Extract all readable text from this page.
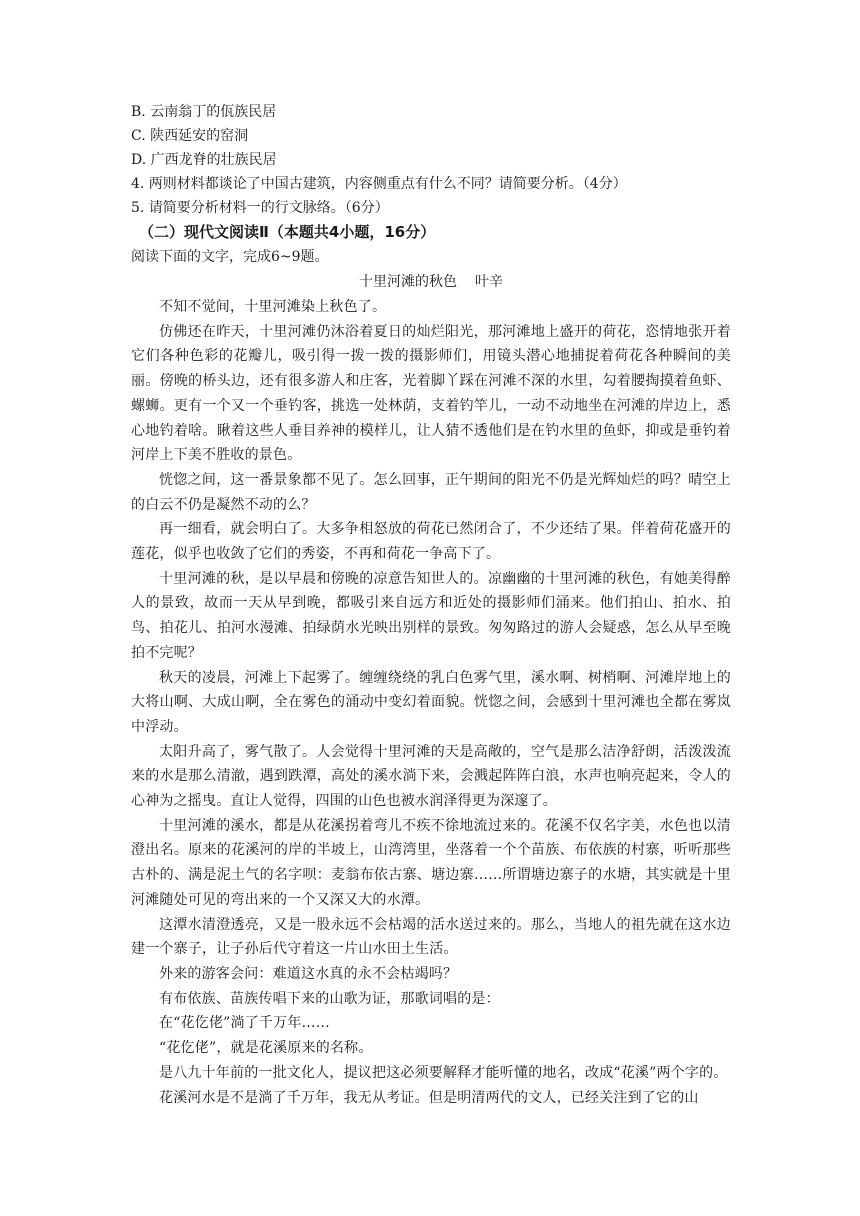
B. 云南翁丁的佤族民居
C. 陕西延安的窑洞
D. 广西龙脊的壮族民居
4. 两则材料都谈论了中国古建筑，内容侧重点有什么不同？请简要分析。（4分）
5. 请简要分析材料一的行文脉络。（6分）
（二）现代文阅读Ⅱ（本题共4小题，16分）
阅读下面的文字，完成6~9题。
十里河滩的秋色 叶辛

不知不觉间，十里河滩染上秋色了。

仿佛还在昨天，十里河滩仍沐浴着夏日的灿烂阳光，那河滩地上盛开的荷花，恣情地张开着它们各种色彩的花瓣儿，吸引得一拨一拨的摄影师们，用镜头潜心地捕捉着荷花各种瞬间的美丽。傍晚的桥头边，还有很多游人和庄客，光着脚丫踩在河滩不深的水里，勾着腰掏摸着鱼虾、螺蛳。更有一个又一个垂钓客，挑选一处林荫，支着钓竿儿，一动不动地坐在河滩的岸边上，悉心地钓着啥。瞅着这些人垂目养神的模样儿，让人猜不透他们是在钓水里的鱼虾，抑或是垂钓着河岸上下美不胜收的景色。

恍惚之间，这一番景象都不见了。怎么回事，正午期间的阳光不仍是光辉灿烂的吗？晴空上的白云不仍是凝然不动的么？

再一细看，就会明白了。大多争相怒放的荷花已然闭合了，不少还结了果。伴着荷花盛开的莲花，似乎也收敛了它们的秀姿，不再和荷花一争高下了。

十里河滩的秋，是以早晨和傍晚的凉意告知世人的。凉幽幽的十里河滩的秋色，有她美得醉人的景致，故而一天从早到晚，都吸引来自远方和近处的摄影师们涌来。他们拍山、拍水、拍鸟、拍花儿、拍河水漫滩、拍绿荫水光映出别样的景致。匆匆路过的游人会疑惑，怎么从早至晚拍不完呢？

秋天的凌晨，河滩上下起雾了。缠缠绕绕的乳白色雾气里，溪水啊、树梢啊、河滩岸地上的大将山啊、大成山啊，全在雾色的涌动中变幻着面貌。恍惚之间，会感到十里河滩也全都在雾岚中浮动。

太阳升高了，雾气散了。人会觉得十里河滩的天是高敞的，空气是那么洁净舒朗，活泼泼流来的水是那么清澈，遇到跌潭，高处的溪水淌下来，会溅起阵阵白浪，水声也响亮起来，令人的心神为之摇曳。直让人觉得，四围的山色也被水润泽得更为深邃了。

十里河滩的溪水，都是从花溪拐着弯儿不疾不徐地流过来的。花溪不仅名字美，水色也以清澄出名。原来的花溪河的岸的半坡上，山湾湾里，坐落着一个个苗族、布依族的村寨，听听那些古朴的、满是泥土气的名字呗：麦翁布依古寨、塘边寨……所谓塘边寨子的水塘，其实就是十里河滩随处可见的弯出来的一个又深又大的水潭。

这潭水清澄透亮，又是一股永远不会枯竭的活水送过来的。那么，当地人的祖先就在这水边建一个寨子，让子孙后代守着这一片山水田土生活。

外来的游客会问：难道这水真的永不会枯竭吗？

有布依族、苗族传唱下来的山歌为证，那歌词唱的是：

在“花仡佬”淌了千万年……

“花仡佬”，就是花溪原来的名称。

是八九十年前的一批文化人，提议把这必须要解释才能听懂的地名，改成“花溪”两个字的。

花溪河水是不是淌了千万年，我无从考证。但是明清两代的文人，已经关注到了它的山
